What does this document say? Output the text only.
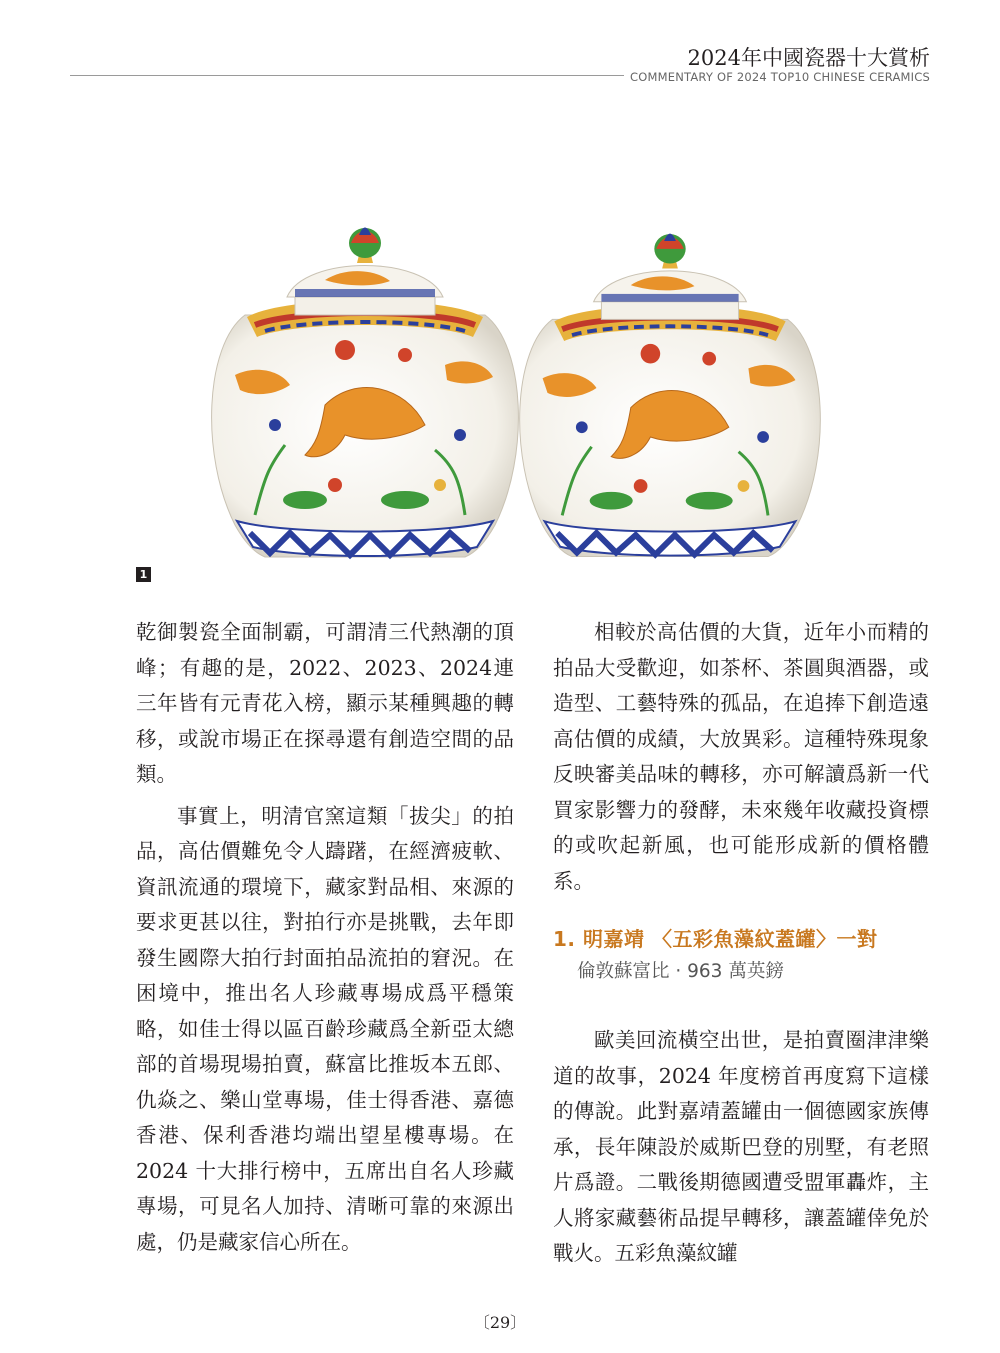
2024年中國瓷器十大賞析
COMMENTARY OF 2024 TOP10 CHINESE CERAMICS
1

乾御製瓷全面制霸，可謂清三代熱潮的頂峰；有趣的是，2022、2023、2024連三年皆有元青花入榜，顯示某種興趣的轉移，或說市場正在探尋還有創造空間的品類。

事實上，明清官窯這類「拔尖」的拍品，高估價難免令人躊躇，在經濟疲軟、資訊流通的環境下，藏家對品相、來源的要求更甚以往，對拍行亦是挑戰，去年即發生國際大拍行封面拍品流拍的窘況。在困境中，推出名人珍藏專場成爲平穩策略，如佳士得以區百齡珍藏爲全新亞太總部的首場現場拍賣，蘇富比推坂本五郎、仇焱之、樂山堂專場，佳士得香港、嘉德香港、保利香港均端出望星樓專場。在 2024 十大排行榜中，五席出自名人珍藏專場，可見名人加持、清晰可靠的來源出處，仍是藏家信心所在。

相較於高估價的大貨，近年小而精的拍品大受歡迎，如茶杯、茶圓與酒器，或造型、工藝特殊的孤品，在追捧下創造遠高估價的成績，大放異彩。這種特殊現象反映審美品味的轉移，亦可解讀爲新一代買家影響力的發酵，未來幾年收藏投資標的或吹起新風，也可能形成新的價格體系。

1. 明嘉靖 〈五彩魚藻紋蓋罐〉一對
倫敦蘇富比 · 963 萬英鎊

歐美回流橫空出世，是拍賣圈津津樂道的故事，2024 年度榜首再度寫下這樣的傳說。此對嘉靖蓋罐由一個德國家族傳承，長年陳設於威斯巴登的別墅，有老照片爲證。二戰後期德國遭受盟軍轟炸，主人將家藏藝術品提早轉移，讓蓋罐倖免於戰火。五彩魚藻紋罐

〔29〕
